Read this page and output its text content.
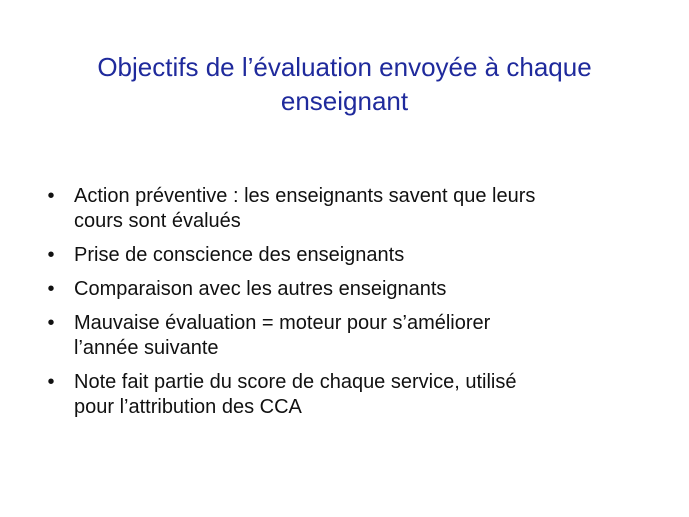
Objectifs de l’évaluation envoyée à chaque
enseignant
• Action préventive : les enseignants savent que leurs
cours sont évalués
• Prise de conscience des enseignants
• Comparaison avec les autres enseignants
• Mauvaise évaluation = moteur pour s’améliorer
l’année suivante
• Note fait partie du score de chaque service, utilisé
pour l’attribution des CCA
